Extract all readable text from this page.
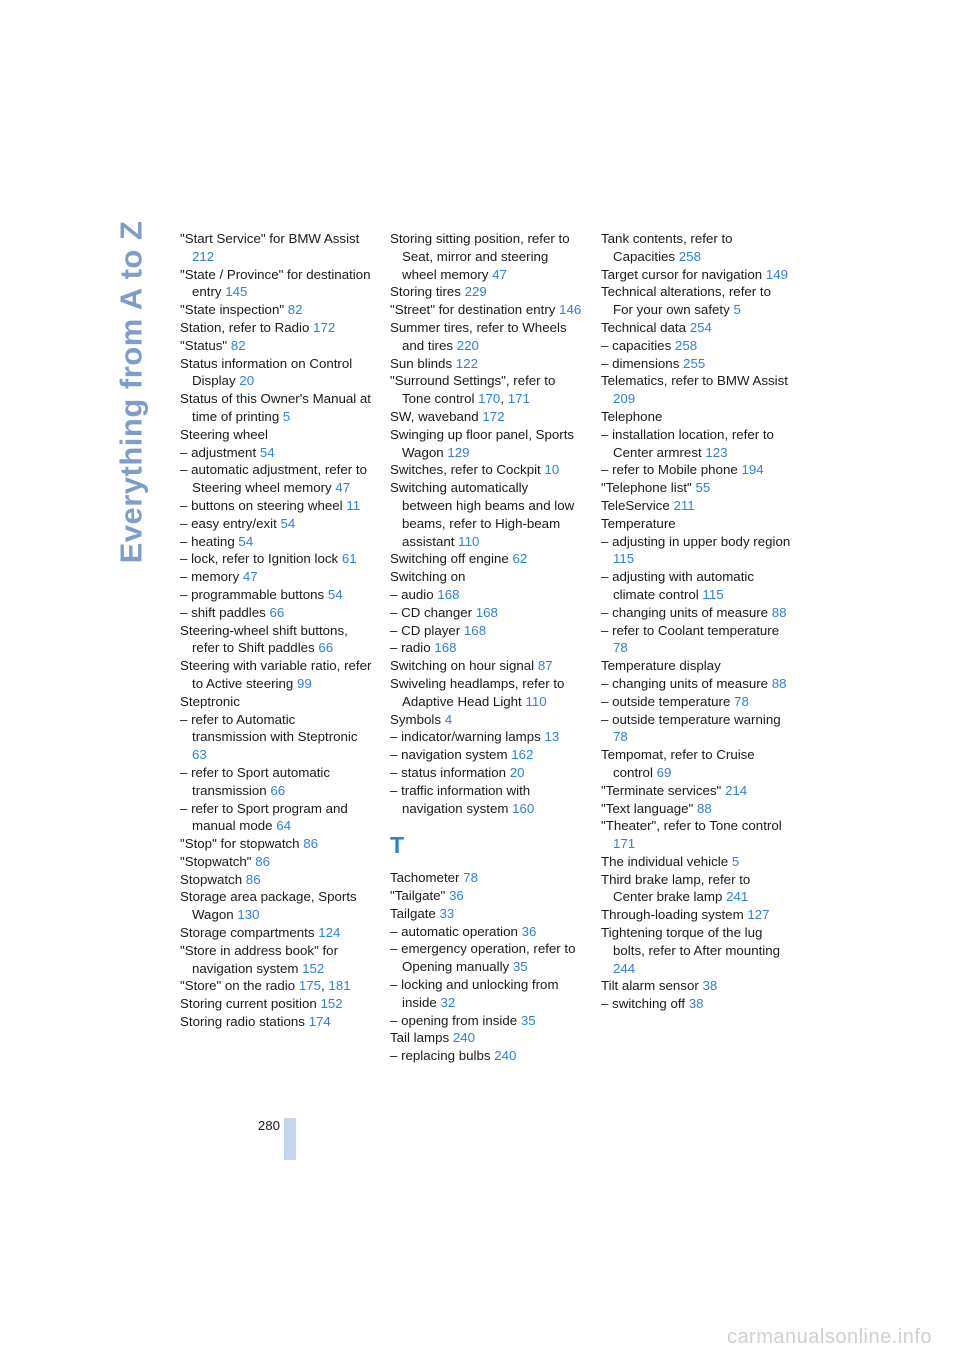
Everything from A to Z "Start Service" for BMW Assist 212
"State / Province" for destination entry 145
"State inspection" 82
Station, refer to Radio 172
"Status" 82
Status information on Control Display 20
Status of this Owner's Manual at time of printing 5
Steering wheel
– adjustment 54
– automatic adjustment, refer to Steering wheel memory 47
– buttons on steering wheel 11
– easy entry/exit 54
– heating 54
– lock, refer to Ignition lock 61
– memory 47
– programmable buttons 54
– shift paddles 66
Steering-wheel shift buttons, refer to Shift paddles 66
Steering with variable ratio, refer to Active steering 99
Steptronic
– refer to Automatic transmission with Steptronic 63
– refer to Sport automatic transmission 66
– refer to Sport program and manual mode 64
"Stop" for stopwatch 86
"Stopwatch" 86
Stopwatch 86
Storage area package, Sports Wagon 130
Storage compartments 124
"Store in address book" for navigation system 152
"Store" on the radio 175, 181
Storing current position 152
Storing radio stations 174
Storing sitting position, refer to Seat, mirror and steering wheel memory 47
Storing tires 229
"Street" for destination entry 146
Summer tires, refer to Wheels and tires 220
Sun blinds 122
"Surround Settings", refer to Tone control 170, 171
SW, waveband 172
Swinging up floor panel, Sports Wagon 129
Switches, refer to Cockpit 10
Switching automatically between high beams and low beams, refer to High-beam assistant 110
Switching off engine 62
Switching on
– audio 168
– CD changer 168
– CD player 168
– radio 168
Switching on hour signal 87
Swiveling headlamps, refer to Adaptive Head Light 110
Symbols 4
– indicator/warning lamps 13
– navigation system 162
– status information 20
– traffic information with navigation system 160
T
Tachometer 78
"Tailgate" 36
Tailgate 33
– automatic operation 36
– emergency operation, refer to Opening manually 35
– locking and unlocking from inside 32
– opening from inside 35
Tail lamps 240
– replacing bulbs 240
Tank contents, refer to Capacities 258
Target cursor for navigation 149
Technical alterations, refer to For your own safety 5
Technical data 254
– capacities 258
– dimensions 255
Telematics, refer to BMW Assist 209
Telephone
– installation location, refer to Center armrest 123
– refer to Mobile phone 194
"Telephone list" 55
TeleService 211
Temperature
– adjusting in upper body region 115
– adjusting with automatic climate control 115
– changing units of measure 88
– refer to Coolant temperature 78
Temperature display
– changing units of measure 88
– outside temperature 78
– outside temperature warning 78
Tempomat, refer to Cruise control 69
"Terminate services" 214
"Text language" 88
"Theater", refer to Tone control 171
The individual vehicle 5
Third brake lamp, refer to Center brake lamp 241
Through-loading system 127
Tightening torque of the lug bolts, refer to After mounting 244
Tilt alarm sensor 38
– switching off 38
280
carmanualsonline.info
